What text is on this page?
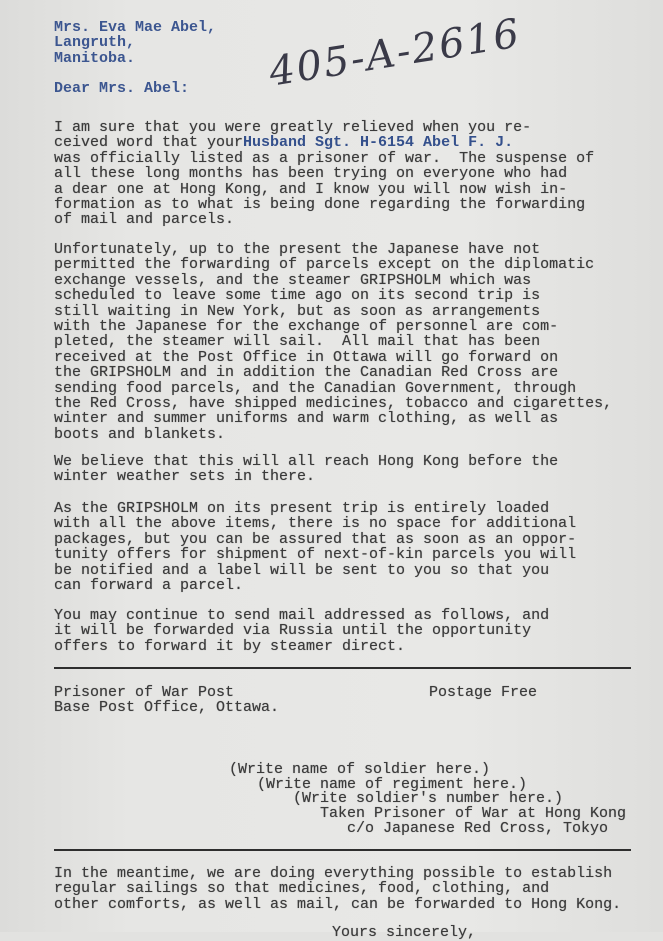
Mrs. Eva Mae Abel,
Langruth,
Manitoba.	405-A-2616
Dear Mrs. Abel:
I am sure that you were greatly relieved when you re-
ceived word that yourHusband Sgt. H-6154 Abel F. J.
was officially listed as a prisoner of war.  The suspense of
all these long months has been trying on everyone who had
a dear one at Hong Kong, and I know you will now wish in-
formation as to what is being done regarding the forwarding
of mail and parcels.
Unfortunately, up to the present the Japanese have not
permitted the forwarding of parcels except on the diplomatic
exchange vessels, and the steamer GRIPSHOLM which was
scheduled to leave some time ago on its second trip is
still waiting in New York, but as soon as arrangements
with the Japanese for the exchange of personnel are com-
pleted, the steamer will sail.  All mail that has been
received at the Post Office in Ottawa will go forward on
the GRIPSHOLM and in addition the Canadian Red Cross are
sending food parcels, and the Canadian Government, through
the Red Cross, have shipped medicines, tobacco and cigarettes,
winter and summer uniforms and warm clothing, as well as
boots and blankets.
We believe that this will all reach Hong Kong before the
winter weather sets in there.
As the GRIPSHOLM on its present trip is entirely loaded
with all the above items, there is no space for additional
packages, but you can be assured that as soon as an oppor-
tunity offers for shipment of next-of-kin parcels you will
be notified and a label will be sent to you so that you
can forward a parcel.
You may continue to send mail addressed as follows, and
it will be forwarded via Russia until the opportunity
offers to forward it by steamer direct.
Prisoner of War Post
Base Post Office, Ottawa.
Postage Free
(Write name of soldier here.)
(Write name of regiment here.)
(Write soldier's number here.)
Taken Prisoner of War at Hong Kong
c/o Japanese Red Cross, Tokyo
In the meantime, we are doing everything possible to establish
regular sailings so that medicines, food, clothing, and
other comforts, as well as mail, can be forwarded to Hong Kong.
Yours sincerely,
